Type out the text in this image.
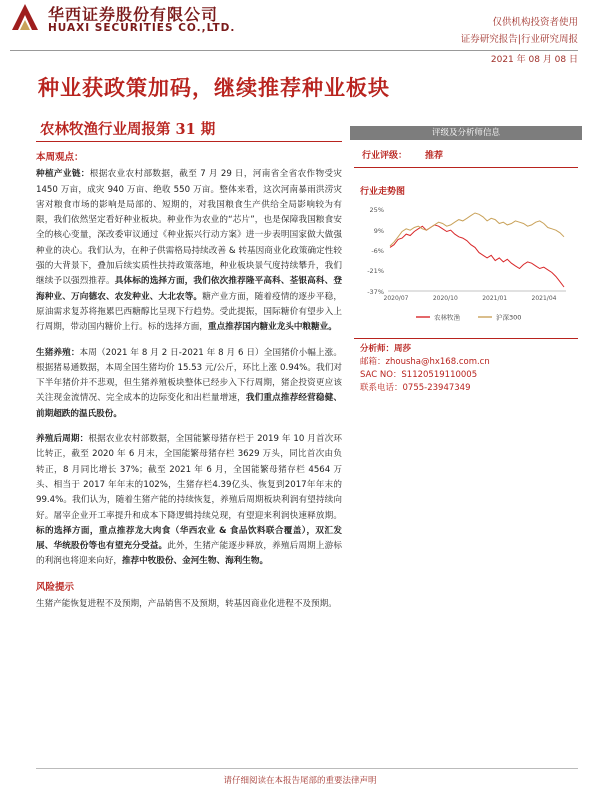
华西证券股份有限公司
HUAXI SECURITIES CO.,LTD.	仅供机构投资者使用
证券研究报告|行业研究周报
2021 年 08 月 08 日
种业获政策加码，继续推荐种业板块
农林牧渔行业周报第 31 期
本周观点：

种植产业链：根据农业农村部数据，截至 7 月 29 日，河南省全省农作物受灾 1450 万亩，成灾 940 万亩、绝收 550 万亩。整体来看，这次河南暴雨洪涝灾害对粮食市场的影响是局部的、短期的，对我国粮食生产供给全局影响较为有限，我们依然坚定看好种业板块。种业作为农业的“芯片”，也是保障我国粮食安全的核心变量，深改委审议通过《种业振兴行动方案》进一步表明国家做大做强种业的决心。我们认为，在种子供需格局持续改善 & 转基因商业化政策确定性较强的大背景下，叠加后续实质性扶持政策落地，种业板块景气度持续攀升，我们继续予以强烈推荐。具体标的选择方面，我们依次推荐隆平高科、荃银高科、登海种业、万向德农、农发种业、大北农等。糖产业方面，随着疫情的逐步平稳，原油需求复苏将拖累巴西糖醇比呈现下行趋势。受此提振，国际糖价有望步入上行周期，带动国内糖价上行。标的选择方面，重点推荐国内糖业龙头中粮糖业。

生猪养殖：本周（2021 年 8 月 2 日-2021 年 8 月 6 日）全国猪价小幅上涨。根据猪易通数据，本周全国生猪均价 15.53 元/公斤，环比上涨 0.94%。我们对下半年猪价并不悲观，但生猪养殖板块整体已经步入下行周期，猪企投资更应该关注现金流情况、完全成本的边际变化和出栏量增速，我们重点推荐经营稳健、前期超跌的温氏股份。

养殖后周期：根据农业农村部数据，全国能繁母猪存栏于 2019 年 10 月首次环比转正，截至 2020 年 6 月末，全国能繁母猪存栏 3629 万头，同比首次由负转正，8 月同比增长 37%；截至 2021 年 6 月，全国能繁母猪存栏 4564 万头、相当于 2017 年年末的102%，生猪存栏4.39亿头、恢复到2017年年末的99.4%。我们认为，随着生猪产能的持续恢复，养殖后周期板块利润有望持续向好。屠宰企业开工率提升和成本下降逻辑持续兑现，有望迎来利润快速释放期。标的选择方面，重点推荐龙大肉食（华西农业 & 食品饮料联合覆盖），双汇发展、华统股份等也有望充分受益。此外，生猪产能逐步释放，养殖后周期上游标的利润也将迎来向好，推荐中牧股份、金河生物、海利生物。

风险提示

生猪产能恢复进程不及预期，产品销售不及预期，转基因商业化进程不及预期。

评级及分析师信息
行业评级： 推荐
行业走势图
25%
9%
-6%
-21%
-37%
2020/07	2020/10	2021/01	2021/04
农林牧渔	沪深300
分析师：周莎
邮箱：zhousha@hx168.com.cn
SAC NO：S1120519110005
联系电话：0755-23947349
请仔细阅读在本报告尾部的重要法律声明
